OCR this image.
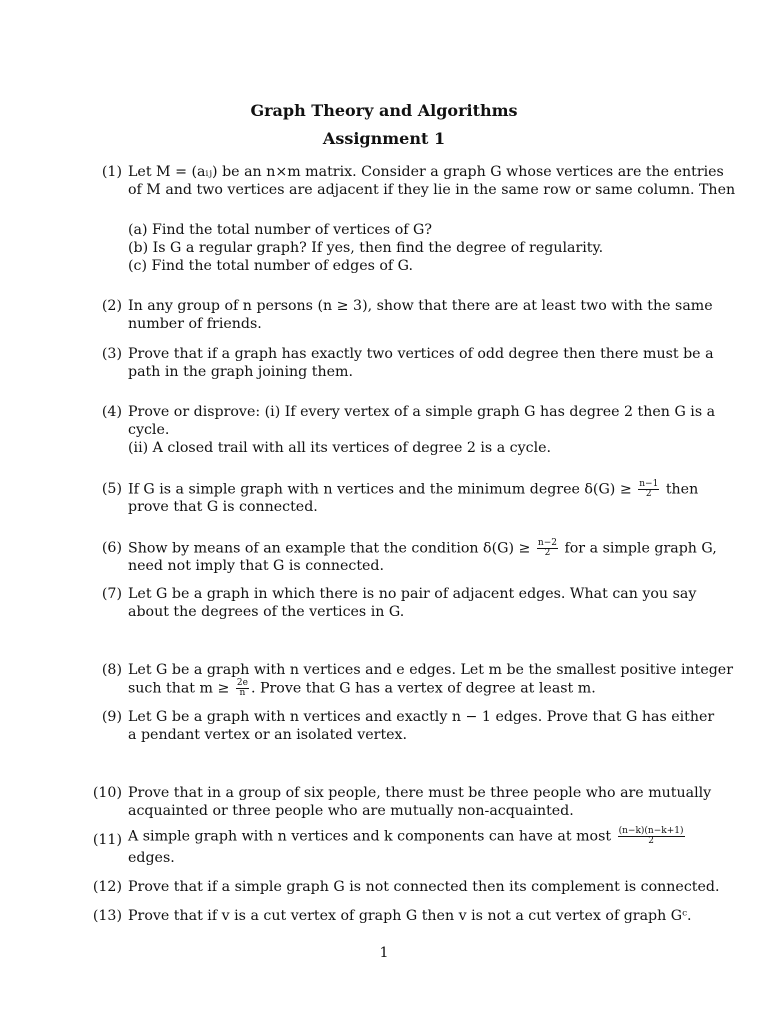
Graph Theory and Algorithms
Assignment 1
(1) Let M = (aᵢⱼ) be an n×m matrix. Consider a graph G whose vertices are the entries
of M and two vertices are adjacent if they lie in the same row or same column. Then
(a) Find the total number of vertices of G?
(b) Is G a regular graph? If yes, then find the degree of regularity.
(c) Find the total number of edges of G.
(2) In any group of n persons (n ≥ 3), show that there are at least two with the same
number of friends.
(3) Prove that if a graph has exactly two vertices of odd degree then there must be a
path in the graph joining them.
(4) Prove or disprove: (i) If every vertex of a simple graph G has degree 2 then G is a
cycle.
(ii) A closed trail with all its vertices of degree 2 is a cycle.
(5) If G is a simple graph with n vertices and the minimum degree $\delta(G) \ge \frac{n-1}{2}$ then
prove that G is connected.
(6) Show by means of an example that the condition $\delta(G) \ge \frac{n-2}{2}$ for a simple graph G,
need not imply that G is connected.
(7) Let G be a graph in which there is no pair of adjacent edges. What can you say
about the degrees of the vertices in G.
(8) Let G be a graph with n vertices and e edges. Let m be the smallest positive integer
such that $m \ge \frac{2e}{n}$ . Prove that G has a vertex of degree at least m.
(9) Let G be a graph with n vertices and exactly n − 1 edges. Prove that G has either
a pendant vertex or an isolated vertex.
(10) Prove that in a group of six people, there must be three people who are mutually
acquainted or three people who are mutually non-acquainted.
(11) A simple graph with n vertices and k components can have at most $\frac{(n-k)(n-k+1)}{2}$
edges.
(12) Prove that if a simple graph G is not connected then its complement is connected.
(13) Prove that if v is a cut vertex of graph G then v is not a cut vertex of graph Gᶜ.
1
